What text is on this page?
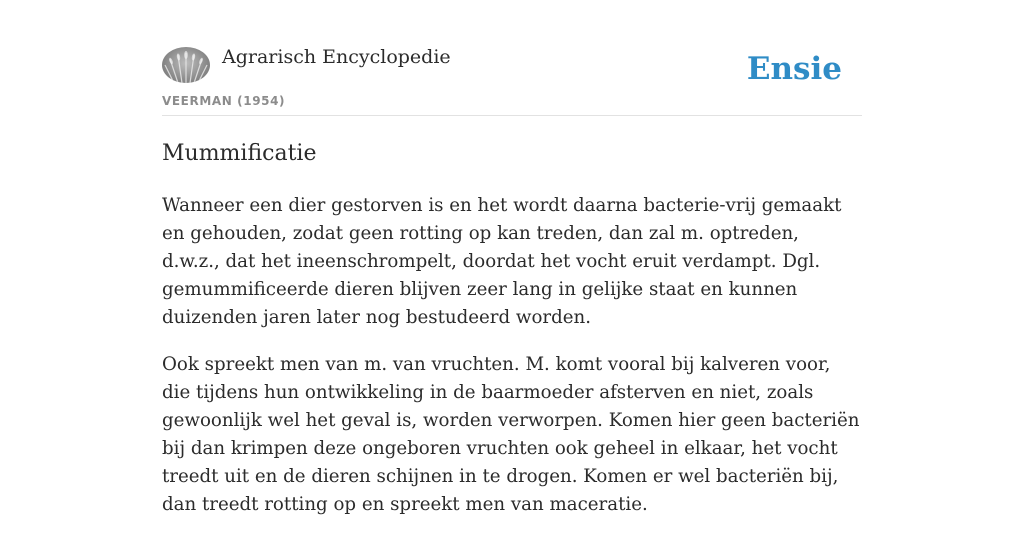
Agrarisch Encyclopedie
VEERMAN (1954)
Ensie
Mummificatie

Wanneer een dier gestorven is en het wordt daarna bacterie-vrij gemaakt en gehouden, zodat geen rotting op kan treden, dan zal m. optreden, d.w.z., dat het ineenschrompelt, doordat het vocht eruit verdampt. Dgl. gemummificeerde dieren blijven zeer lang in gelijke staat en kunnen duizenden jaren later nog bestudeerd worden.

Ook spreekt men van m. van vruchten. M. komt vooral bij kalveren voor, die tijdens hun ontwikkeling in de baarmoeder afsterven en niet, zoals gewoonlijk wel het geval is, worden verworpen. Komen hier geen bacteriën bij dan krimpen deze ongeboren vruchten ook geheel in elkaar, het vocht treedt uit en de dieren schijnen in te drogen. Komen er wel bacteriën bij, dan treedt rotting op en spreekt men van maceratie.
